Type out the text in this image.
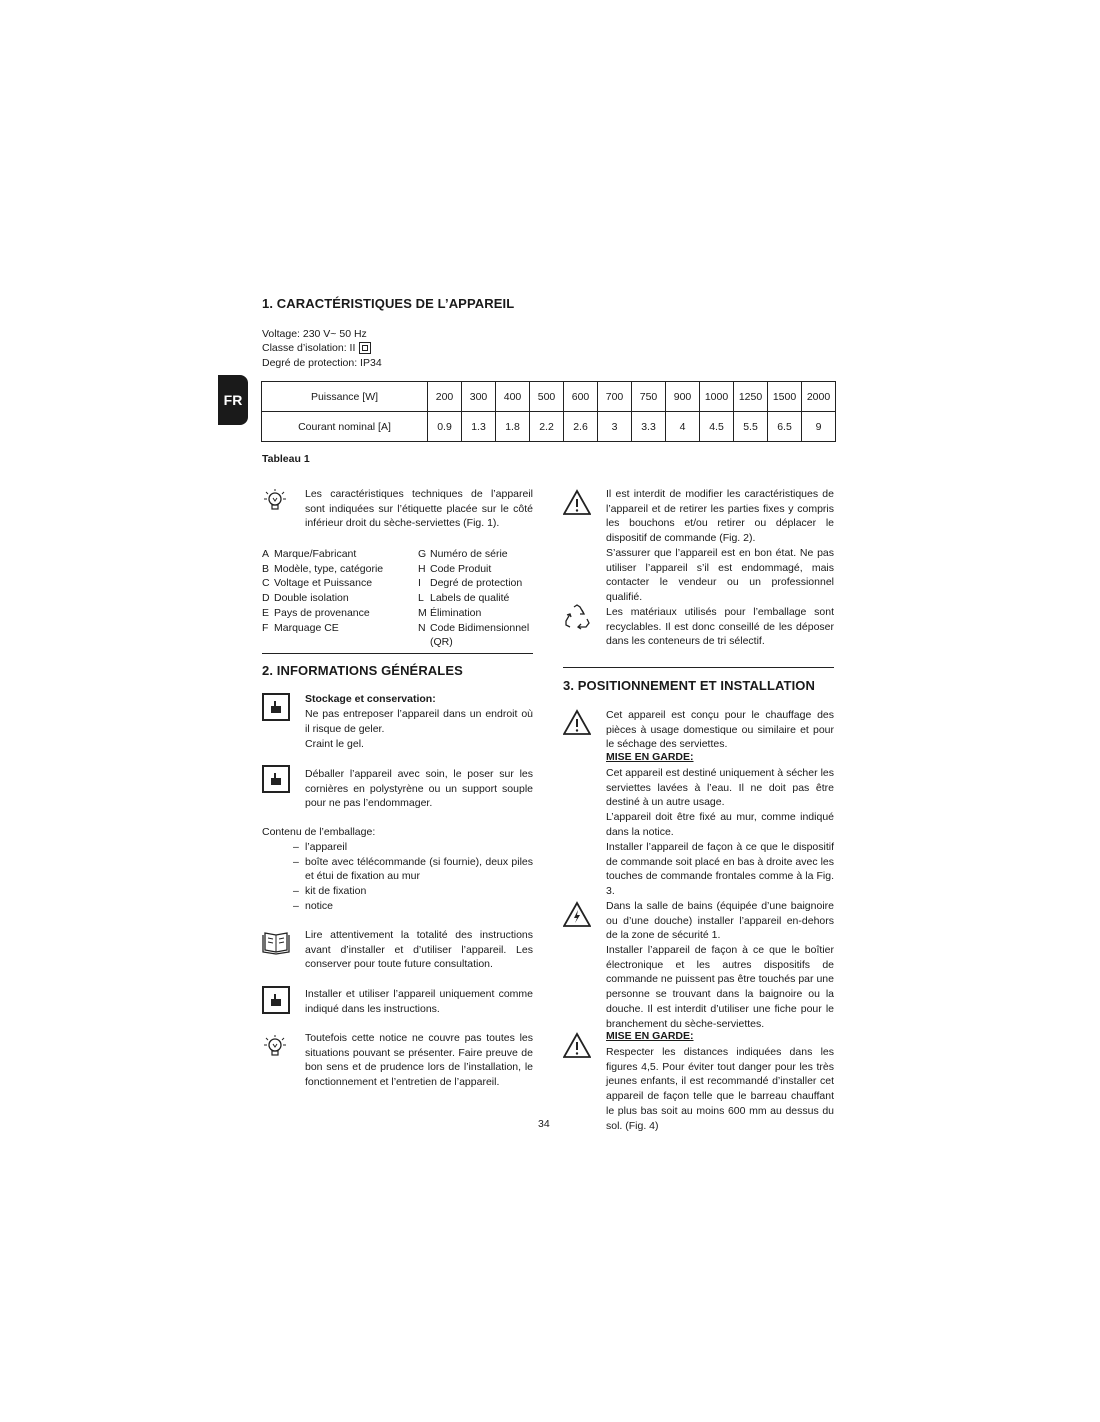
FR
1. CARACTÉRISTIQUES DE L’APPAREIL
Voltage: 230 V~ 50 Hz
Classe d’isolation: II
Degré de protection: IP34
Puissance [W]	200	300	400	500	600	700	750	900	1000	1250	1500	2000
Courant nominal [A]	0.9	1.3	1.8	2.2	2.6	3	3.3	4	4.5	5.5	6.5	9
Tableau 1
Les caractéristiques techniques de l’appareil sont indiquées sur l’étiquette placée sur le côté inférieur droit du sèche-serviettes (Fig. 1).
A Marque/Fabricant
B Modèle, type, catégorie
C Voltage et Puissance
D Double isolation
E Pays de provenance
F Marquage CE
G Numéro de série
H Code Produit
I Degré de protection
L Labels de qualité
M Élimination
N Code Bidimensionnel (QR)
2. INFORMATIONS GÉNÉRALES
Stockage et conservation:
Ne pas entreposer l’appareil dans un endroit où il risque de geler.
Craint le gel.
Déballer l’appareil avec soin, le poser sur les cornières en polystyrène ou un support souple pour ne pas l’endommager.
Contenu de l’emballage:
– l’appareil
– boîte avec télécommande (si fournie), deux piles et étui de fixation au mur
– kit de fixation
– notice
Lire attentivement la totalité des instructions avant d’installer et d’utiliser l’appareil. Les conserver pour toute future consultation.
Installer et utiliser l’appareil uniquement comme indiqué dans les instructions.
Toutefois cette notice ne couvre pas toutes les situations pouvant se présenter. Faire preuve de bon sens et de prudence lors de l’installation, le fonctionnement et l’entretien de l’appareil.
Il est interdit de modifier les caractéristiques de l’appareil et de retirer les parties fixes y compris les bouchons et/ou retirer ou déplacer le dispositif de commande (Fig. 2).
S’assurer que l’appareil est en bon état. Ne pas utiliser l’appareil s’il est endommagé, mais contacter le vendeur ou un professionnel qualifié.
Les matériaux utilisés pour l’emballage sont recyclables. Il est donc conseillé de les déposer dans les conteneurs de tri sélectif.
3. POSITIONNEMENT ET INSTALLATION
Cet appareil est conçu pour le chauffage des pièces à usage domestique ou similaire et pour le séchage des serviettes.
MISE EN GARDE:
Cet appareil est destiné uniquement à sécher les serviettes lavées à l’eau. Il ne doit pas être destiné à un autre usage.
L’appareil doit être fixé au mur, comme indiqué dans la notice.
Installer l’appareil de façon à ce que le dispositif de commande soit placé en bas à droite avec les touches de commande frontales comme à la Fig. 3.
Dans la salle de bains (équipée d’une baignoire ou d’une douche) installer l’appareil en-dehors de la zone de sécurité 1.
Installer l’appareil de façon à ce que le boîtier électronique et les autres dispositifs de commande ne puissent pas être touchés par une personne se trouvant dans la baignoire ou la douche. Il est interdit d’utiliser une fiche pour le branchement du sèche-serviettes.
MISE EN GARDE:
Respecter les distances indiquées dans les figures 4,5. Pour éviter tout danger pour les très jeunes enfants, il est recommandé d’installer cet appareil de façon telle que le barreau chauffant le plus bas soit au moins 600 mm au dessus du sol. (Fig. 4)
34
